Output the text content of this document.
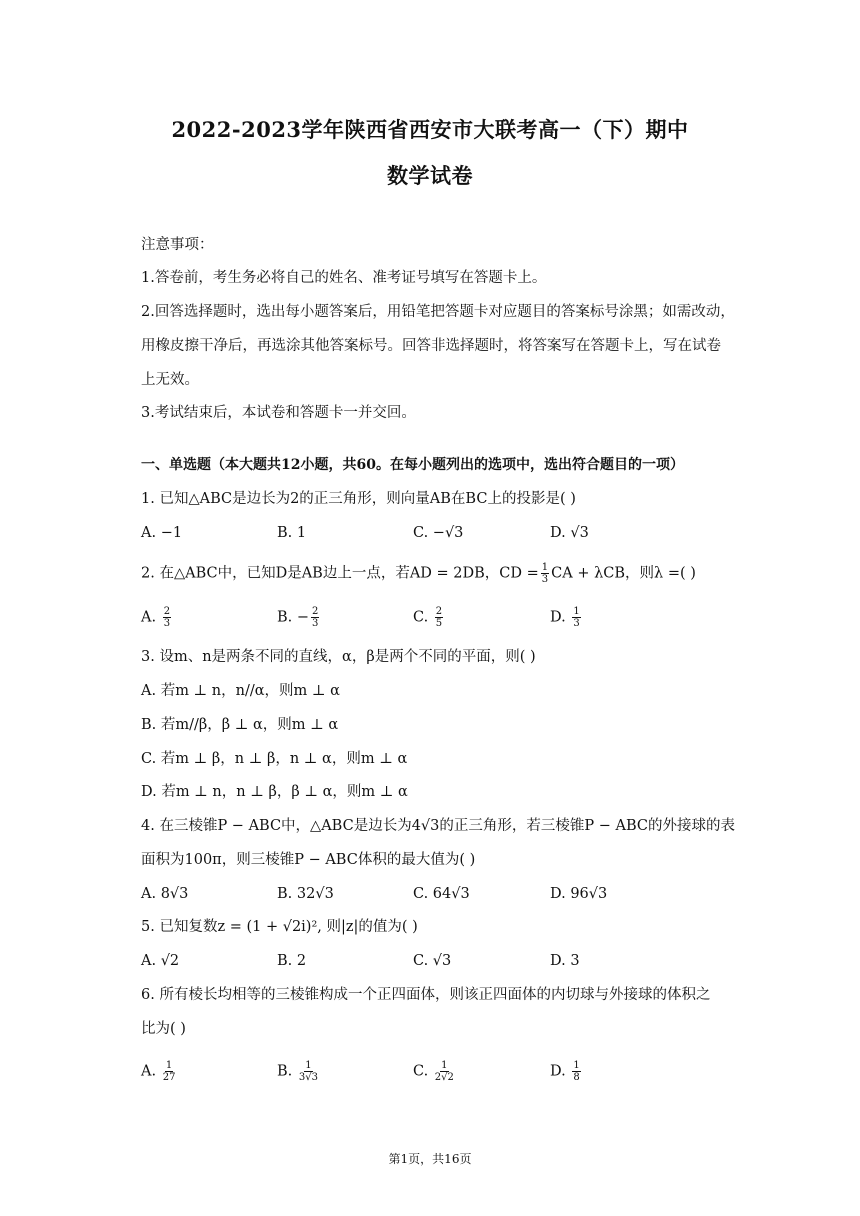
2022-2023学年陕西省西安市大联考高一（下）期中
数学试卷
注意事项：
1.答卷前，考生务必将自己的姓名、准考证号填写在答题卡上。
2.回答选择题时，选出每小题答案后，用铅笔把答题卡对应题目的答案标号涂黑；如需改动，
用橡皮擦干净后，再选涂其他答案标号。回答非选择题时，将答案写在答题卡上，写在试卷
上无效。
3.考试结束后，本试卷和答题卡一并交回。
一、单选题（本大题共12小题，共60。在每小题列出的选项中，选出符合题目的一项）
1. 已知△ABC是边长为2的正三角形，则向量AB在BC上的投影是( )
A. −1	B. 1	C. −√3	D. √3
2. 在△ABC中，已知D是AB边上一点，若AD = 2DB，CD = $\frac{1}{3}$ CA + λCB，则λ =( )
A. $\frac{2}{3}$	B. − $\frac{2}{3}$	C. $\frac{2}{5}$	D. $\frac{1}{3}$
3. 设m、n是两条不同的直线，α，β是两个不同的平面，则( )
A. 若m ⊥ n，n//α，则m ⊥ α
B. 若m//β，β ⊥ α，则m ⊥ α
C. 若m ⊥ β，n ⊥ β，n ⊥ α，则m ⊥ α
D. 若m ⊥ n，n ⊥ β，β ⊥ α，则m ⊥ α
4. 在三棱锥P − ABC中，△ABC是边长为4√3的正三角形，若三棱锥P − ABC的外接球的表
面积为100π，则三棱锥P − ABC体积的最大值为( )
A. 8√3	B. 32√3	C. 64√3	D. 96√3
5. 已知复数z = (1 + √2i)², 则|z|的值为( )
A. √2	B. 2	C. √3	D. 3
6. 所有棱长均相等的三棱锥构成一个正四面体，则该正四面体的内切球与外接球的体积之
比为( )
A. $\frac{1}{27}$	B. $\frac{1}{3√3}$	C. $\frac{1}{2√2}$	D. $\frac{1}{8}$
第1页，共16页
